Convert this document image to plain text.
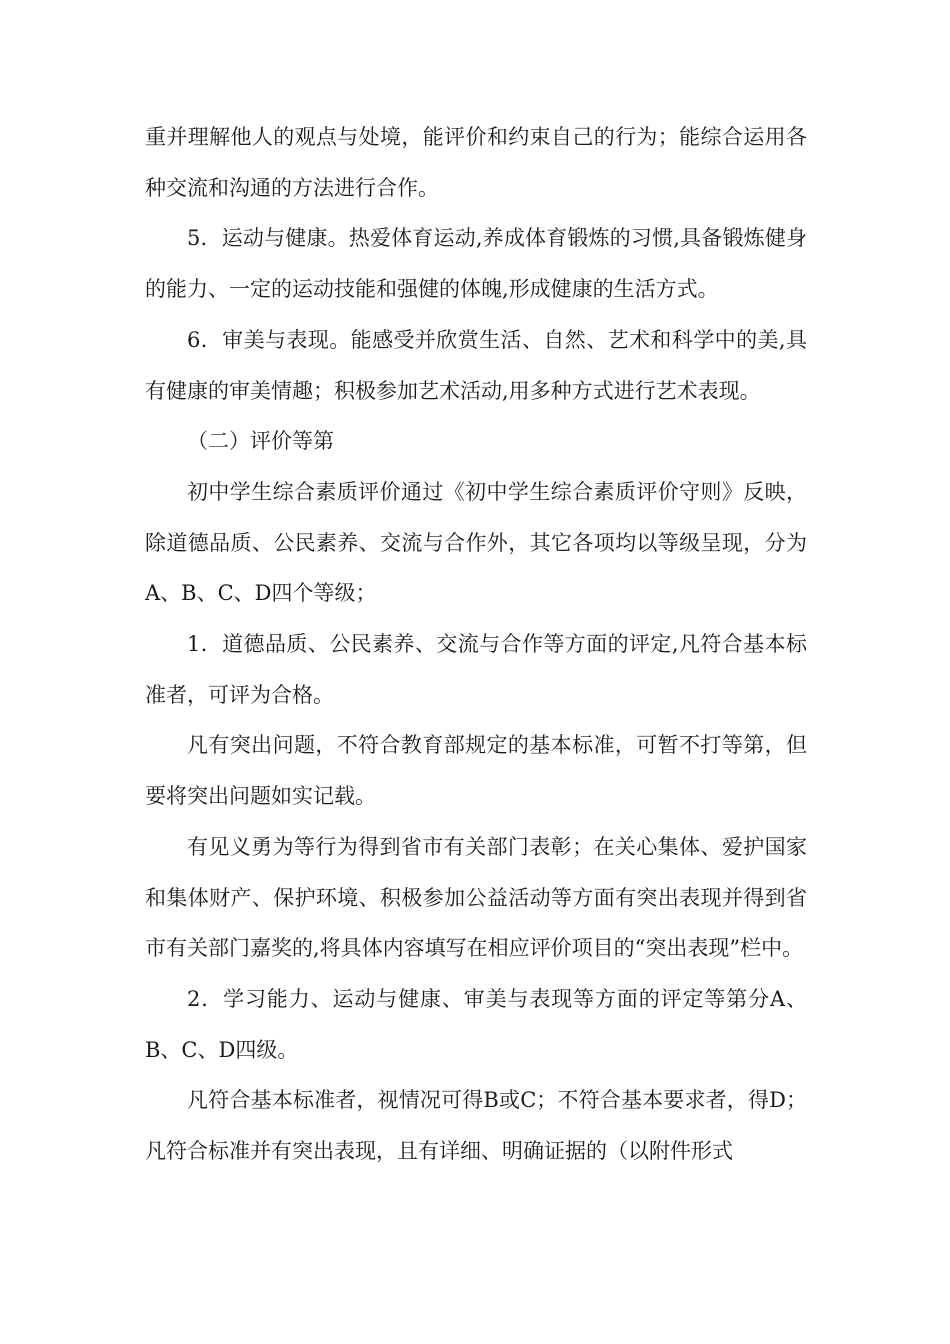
重并理解他人的观点与处境，能评价和约束自己的行为；能综合运用各种交流和沟通的方法进行合作。

5．运动与健康。热爱体育运动,养成体育锻炼的习惯,具备锻炼健身的能力、一定的运动技能和强健的体魄,形成健康的生活方式。

6．审美与表现。能感受并欣赏生活、自然、艺术和科学中的美,具有健康的审美情趣；积极参加艺术活动,用多种方式进行艺术表现。

（二）评价等第

初中学生综合素质评价通过《初中学生综合素质评价守则》反映，除道德品质、公民素养、交流与合作外，其它各项均以等级呈现，分为A、B、C、D四个等级；

1．道德品质、公民素养、交流与合作等方面的评定,凡符合基本标准者，可评为合格。

凡有突出问题，不符合教育部规定的基本标准，可暂不打等第，但要将突出问题如实记载。

有见义勇为等行为得到省市有关部门表彰；在关心集体、爱护国家和集体财产、保护环境、积极参加公益活动等方面有突出表现并得到省市有关部门嘉奖的,将具体内容填写在相应评价项目的“突出表现”栏中。

2．学习能力、运动与健康、审美与表现等方面的评定等第分A、B、C、D四级。

凡符合基本标准者，视情况可得B或C；不符合基本要求者，得D；凡符合标准并有突出表现，且有详细、明确证据的（以附件形式
